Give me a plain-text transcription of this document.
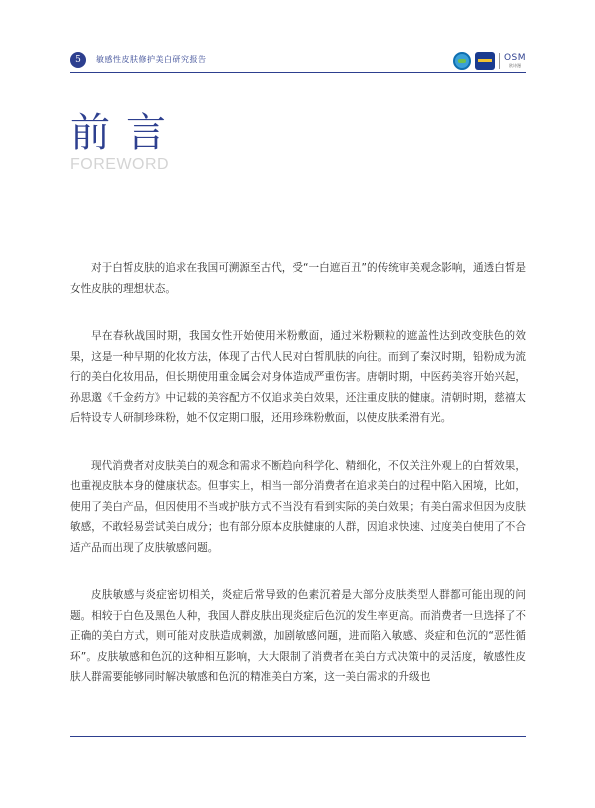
5	敏感性皮肤修护美白研究报告	OSM
欧诗漫
前言
FOREWORD

对于白皙皮肤的追求在我国可溯源至古代，受“一白遮百丑”的传统审美观念影响，通透白皙是女性皮肤的理想状态。

早在春秋战国时期，我国女性开始使用米粉敷面，通过米粉颗粒的遮盖性达到改变肤色的效果，这是一种早期的化妆方法，体现了古代人民对白皙肌肤的向往。而到了秦汉时期，铅粉成为流行的美白化妆用品，但长期使用重金属会对身体造成严重伤害。唐朝时期，中医药美容开始兴起，孙思邈《千金药方》中记载的美容配方不仅追求美白效果，还注重皮肤的健康。清朝时期，慈禧太后特设专人研制珍珠粉，她不仅定期口服，还用珍珠粉敷面，以使皮肤柔滑有光。

现代消费者对皮肤美白的观念和需求不断趋向科学化、精细化，不仅关注外观上的白皙效果，也重视皮肤本身的健康状态。但事实上，相当一部分消费者在追求美白的过程中陷入困境，比如，使用了美白产品，但因使用不当或护肤方式不当没有看到实际的美白效果；有美白需求但因为皮肤敏感，不敢轻易尝试美白成分；也有部分原本皮肤健康的人群，因追求快速、过度美白使用了不合适产品而出现了皮肤敏感问题。

皮肤敏感与炎症密切相关，炎症后常导致的色素沉着是大部分皮肤类型人群都可能出现的问题。相较于白色及黑色人种，我国人群皮肤出现炎症后色沉的发生率更高。而消费者一旦选择了不正确的美白方式，则可能对皮肤造成刺激，加剧敏感问题，进而陷入敏感、炎症和色沉的“恶性循环”。皮肤敏感和色沉的这种相互影响，大大限制了消费者在美白方式决策中的灵活度，敏感性皮肤人群需要能够同时解决敏感和色沉的精准美白方案，这一美白需求的升级也
